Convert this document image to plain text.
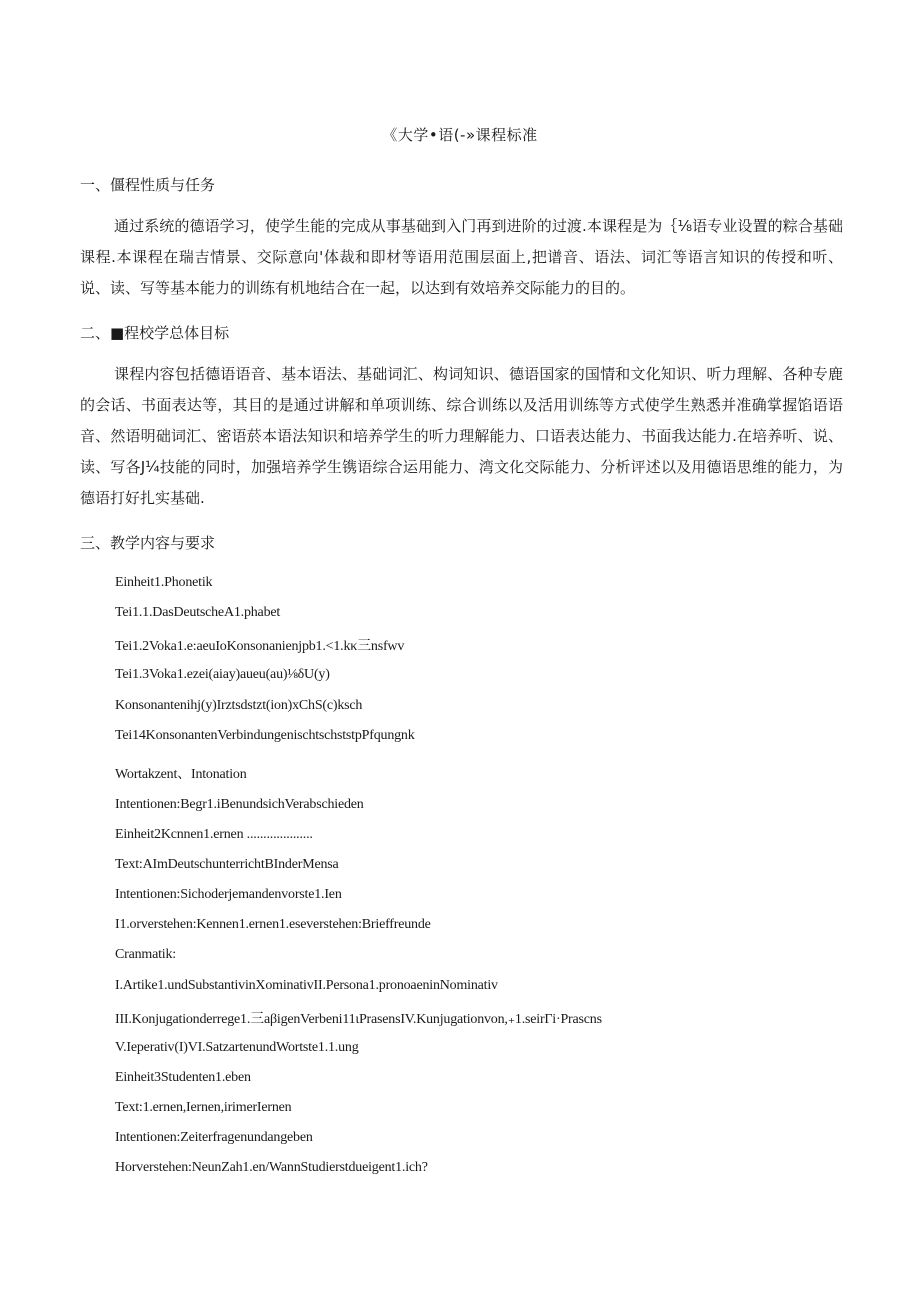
《大学•语(-»课程标准
一、僵程性质与任务

通过系统的德语学习，使学生能的完成从事基础到入门再到进阶的过渡.本课程是为｛⅛语专业设置的粽合基础课程.本课程在瑞吉情景、交际意向'体裁和即材等语用范围层面上,把谱音、语法、词汇等语言知识的传授和听、说、读、写等基本能力的训练有机地结合在一起，以达到有效培养交际能力的目的。

二、■程校学总体目标

课程内容包括德语语音、基本语法、基础词汇、构词知识、德语国家的国情和文化知识、听力理解、各种专鹿的会话、书面表达等，其目的是通过讲解和单项训练、综合训练以及活用训练等方式使学生熟悉并准确掌握馅语语音、然语明础词汇、密语菸本语法知识和培养学生的听力理解能力、口语表达能力、书面我达能力.在培养听、说、读、写各J¼技能的同时，加强培养学生镌语综合运用能力、湾文化交际能力、分析评述以及用德语思维的能力，为德语打好扎实基础.

三、教学内容与要求
Einheit1.Phonetik
Tei1.1.DasDeutscheA1.phabet
Tei1.2Voka1.e:aeuIoKonsonanienjpb1.<1.kκ三nsfwv
Tei1.3Voka1.ezei(aiay)aueu(au)⅛δU(y)
Konsonantenihj(y)Irztsdstzt(ion)xChS(c)ksch
Tei14KonsonantenVerbindungenischtschststpPfqungnk
Wortakzent、Intonation
Intentionen:Begr1.iBenundsichVerabschieden
Einheit2Kcnnen1.ernen ....................
Text:AImDeutschunterrichtBInderMensa
Intentionen:Sichoderjemandenvorste1.Ien
I1.orverstehen:Kennen1.ernen1.eseverstehen:Brieffreunde
Cranmatik:
I.Artike1.undSubstantivinXominativII.Persona1.pronoaeninNominativ
III.Konjugationderrege1.三aβigenVerbeni11ιPrasensIV.Kunjugationvon,₊1.seirΓi·Prascns
V.Ieperativ(I)VI.SatzartenundWortste1.1.ung
Einheit3Studenten1.eben
Text:1.ernen,Iernen,irimerIernen
Intentionen:Zeiterfragenundangeben
Horverstehen:NeunZah1.en/WannStudierstdueigent1.ich?
